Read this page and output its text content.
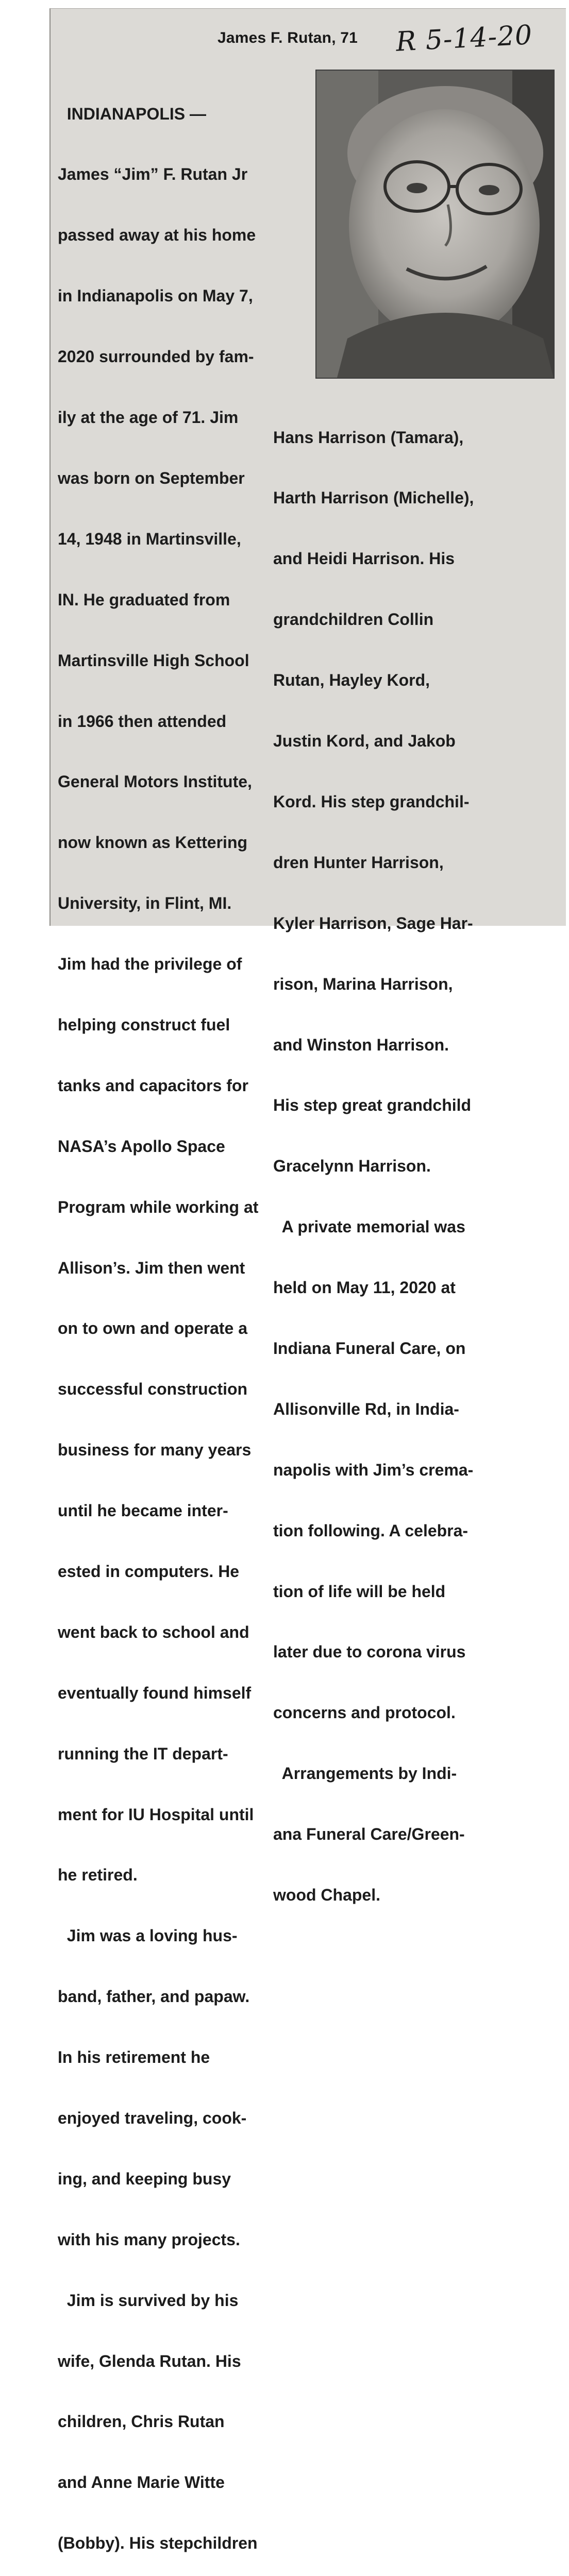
James F. Rutan, 71 R 5-14-20

INDIANAPOLIS —

James “Jim” F. Rutan Jr

passed away at his home

in Indianapolis on May 7,

2020 surrounded by fam-

ily at the age of 71. Jim

was born on September

14, 1948 in Martinsville,

IN. He graduated from

Martinsville High School

in 1966 then attended

General Motors Institute,

now known as Kettering

University, in Flint, MI.

Jim had the privilege of

helping construct fuel

tanks and capacitors for

NASA’s Apollo Space

Program while working at

Allison’s. Jim then went

on to own and operate a

successful construction

business for many years

until he became inter-

ested in computers. He

went back to school and

eventually found himself

running the IT depart-

ment for IU Hospital until

he retired.

Jim was a loving hus-

band, father, and papaw.

In his retirement he

enjoyed traveling, cook-

ing, and keeping busy

with his many projects.

Jim is survived by his

wife, Glenda Rutan. His

children, Chris Rutan

and Anne Marie Witte

(Bobby). His stepchildren

Hans Harrison (Tamara),

Harth Harrison (Michelle),

and Heidi Harrison. His

grandchildren Collin

Rutan, Hayley Kord,

Justin Kord, and Jakob

Kord. His step grandchil-

dren Hunter Harrison,

Kyler Harrison, Sage Har-

rison, Marina Harrison,

and Winston Harrison.

His step great grandchild

Gracelynn Harrison.

A private memorial was

held on May 11, 2020 at

Indiana Funeral Care, on

Allisonville Rd, in India-

napolis with Jim’s crema-

tion following. A celebra-

tion of life will be held

later due to corona virus

concerns and protocol.

Arrangements by Indi-

ana Funeral Care/Green-

wood Chapel.
